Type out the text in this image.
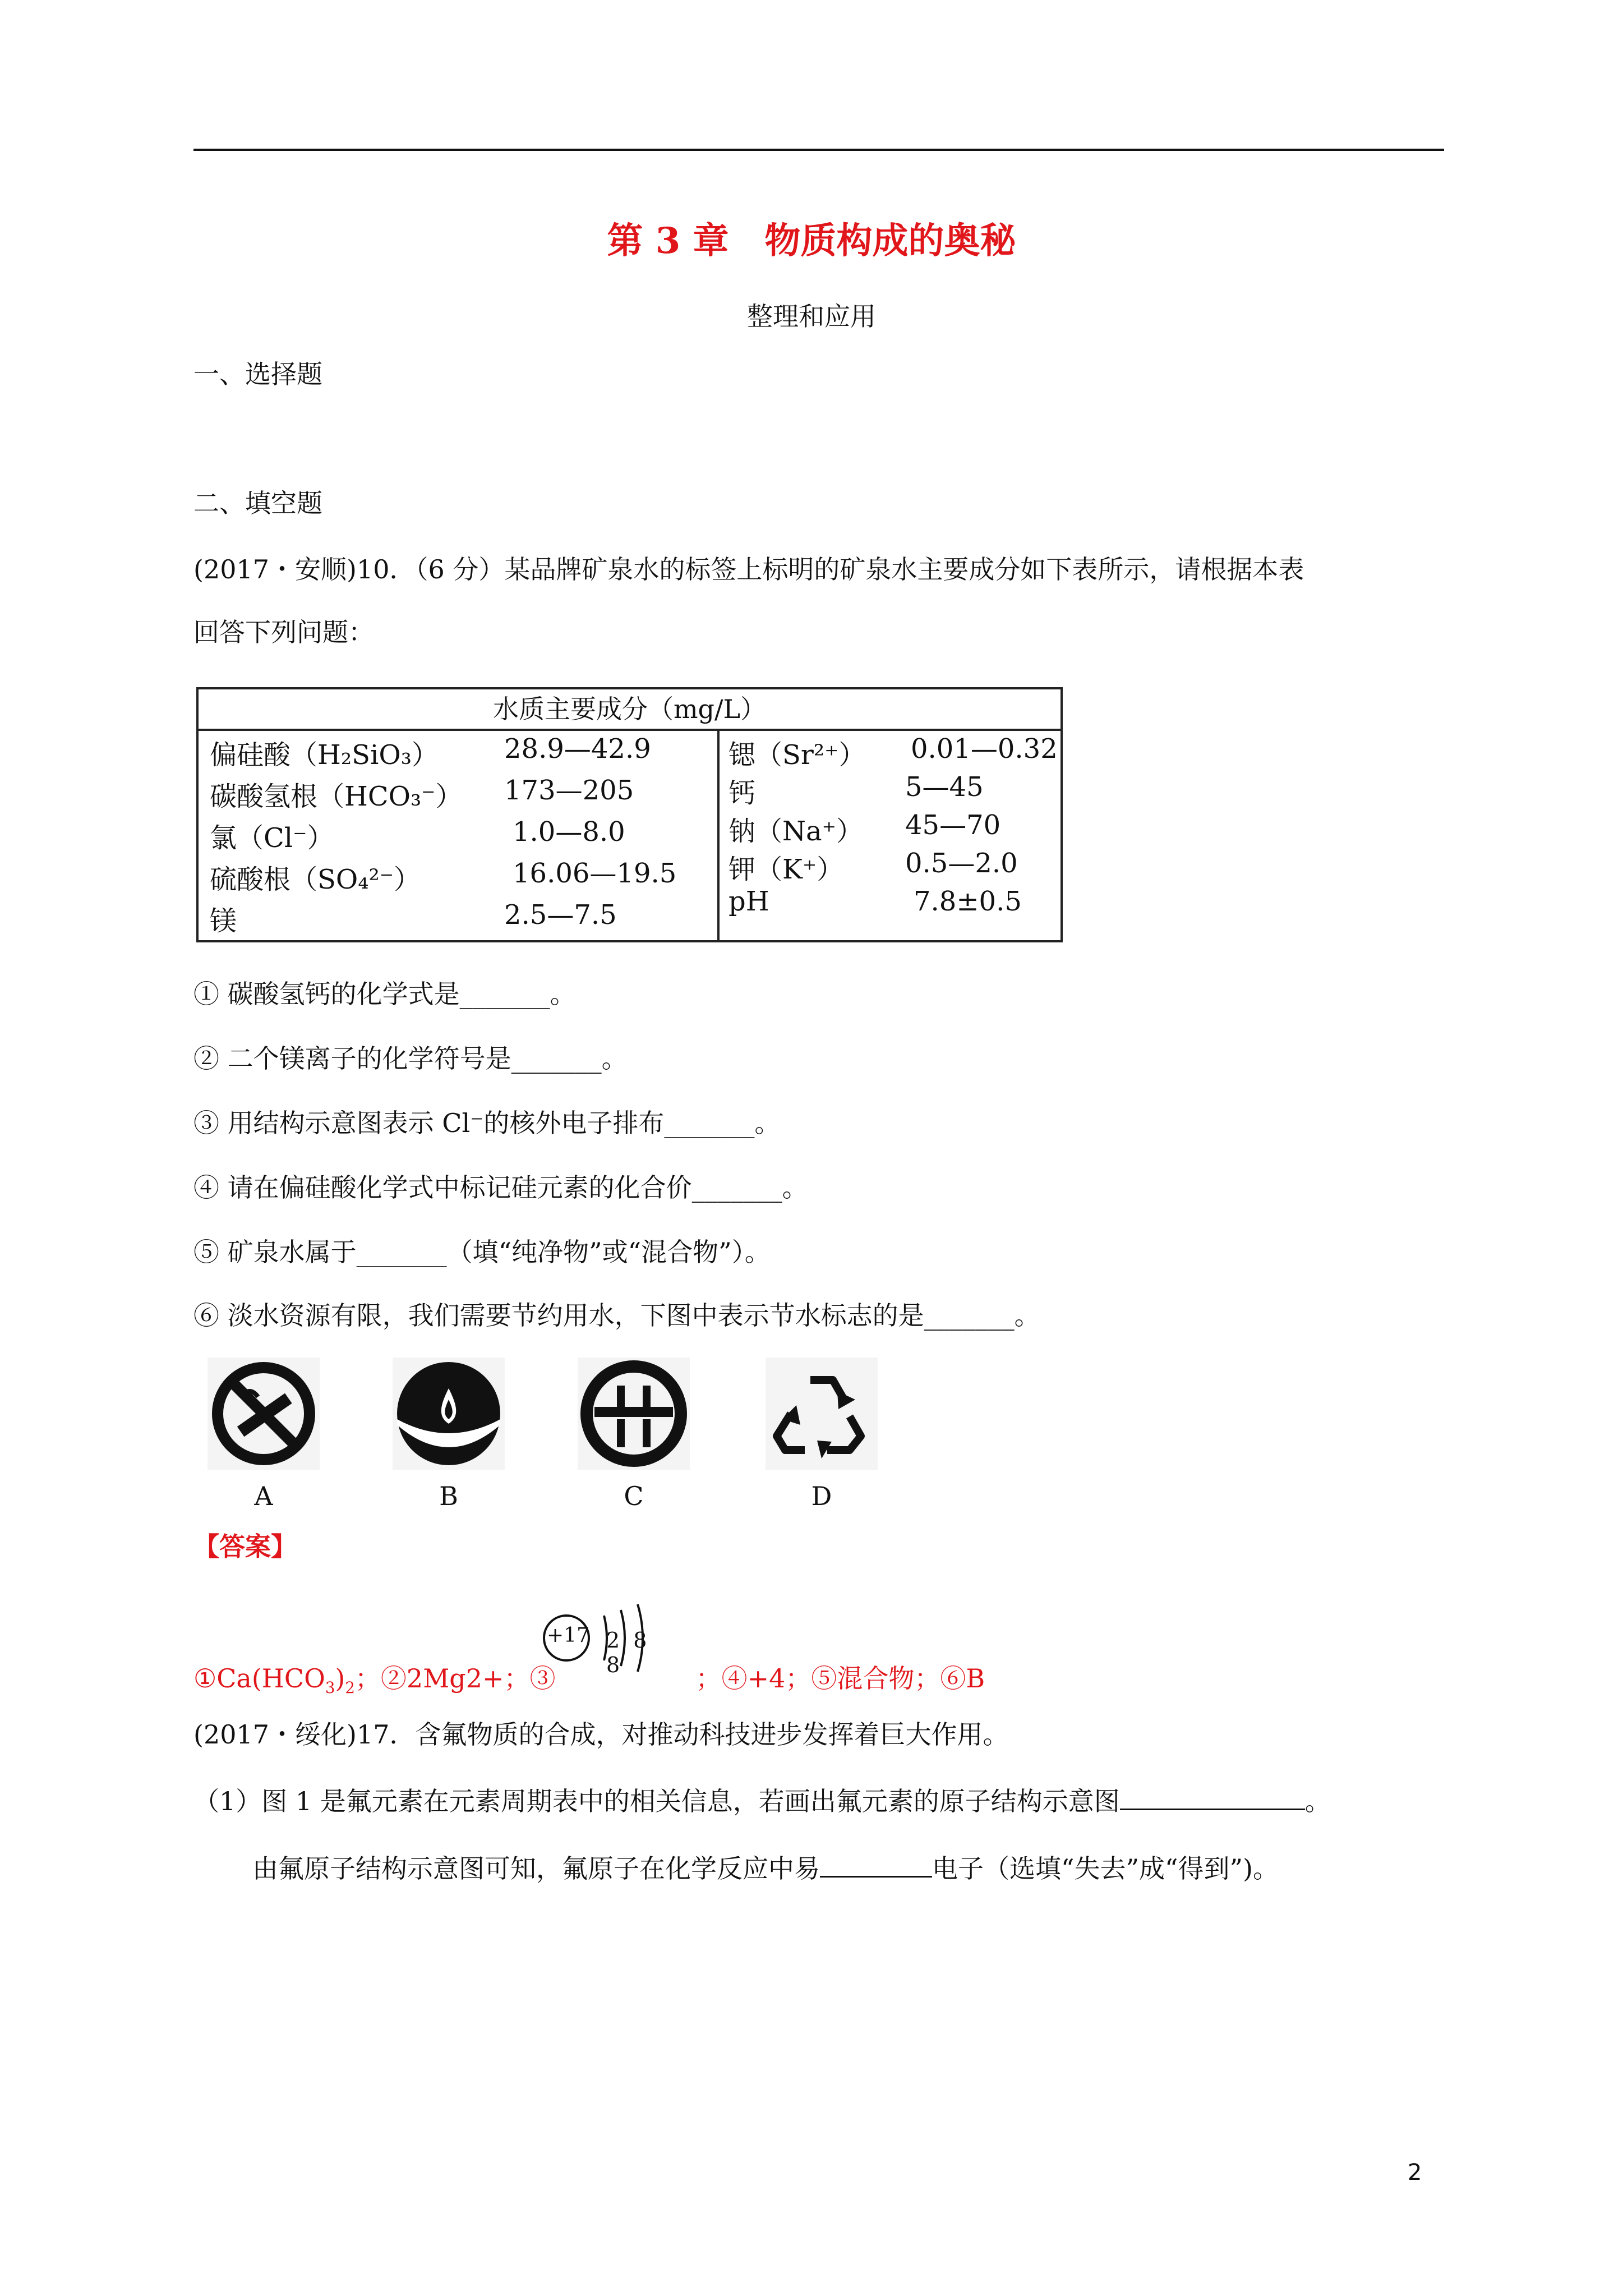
第 3 章　物质构成的奥秘
整理和应用
一、选择题
二、填空题
(2017・安顺)10．（6 分）某品牌矿泉水的标签上标明的矿泉水主要成分如下表所示，请根据本表
回答下列问题：
水质主要成分（mg/L）
偏硅酸（H₂SiO₃） 28.9—42.9
碳酸氢根（HCO₃⁻） 173—205
氯（Cl⁻）	1.0—8.0
硫酸根（SO₄²⁻）	16.06—19.5
镁	2.5—7.5
锶（Sr²⁺） 0.01—0.32
钙	5—45
钠（Na⁺） 45—70
钾（K⁺） 0.5—2.0
pH	7.8±0.5
① 碳酸氢钙的化学式是_______。
② 二个镁离子的化学符号是_______。
③ 用结构示意图表示 Cl⁻的核外电子排布_______。
④ 请在偏硅酸化学式中标记硅元素的化合价_______。
⑤ 矿泉水属于_______（填“纯净物”或“混合物”）。
⑥ 淡水资源有限，我们需要节约用水，下图中表示节水标志的是_______。
A	B	C	D
【答案】
$①Ca(HCO_3)_2$；②2Mg2+；③	；④+4；⑤混合物；⑥B
+17 2 8 8
(2017・绥化)17．含氟物质的合成，对推动科技进步发挥着巨大作用。
（1）图 1 是氟元素在元素周期表中的相关信息，若画出氟元素的原子结构示意图	。
由氟原子结构示意图可知，氟原子在化学反应中易	电子（选填“失去”成“得到”)。
2
